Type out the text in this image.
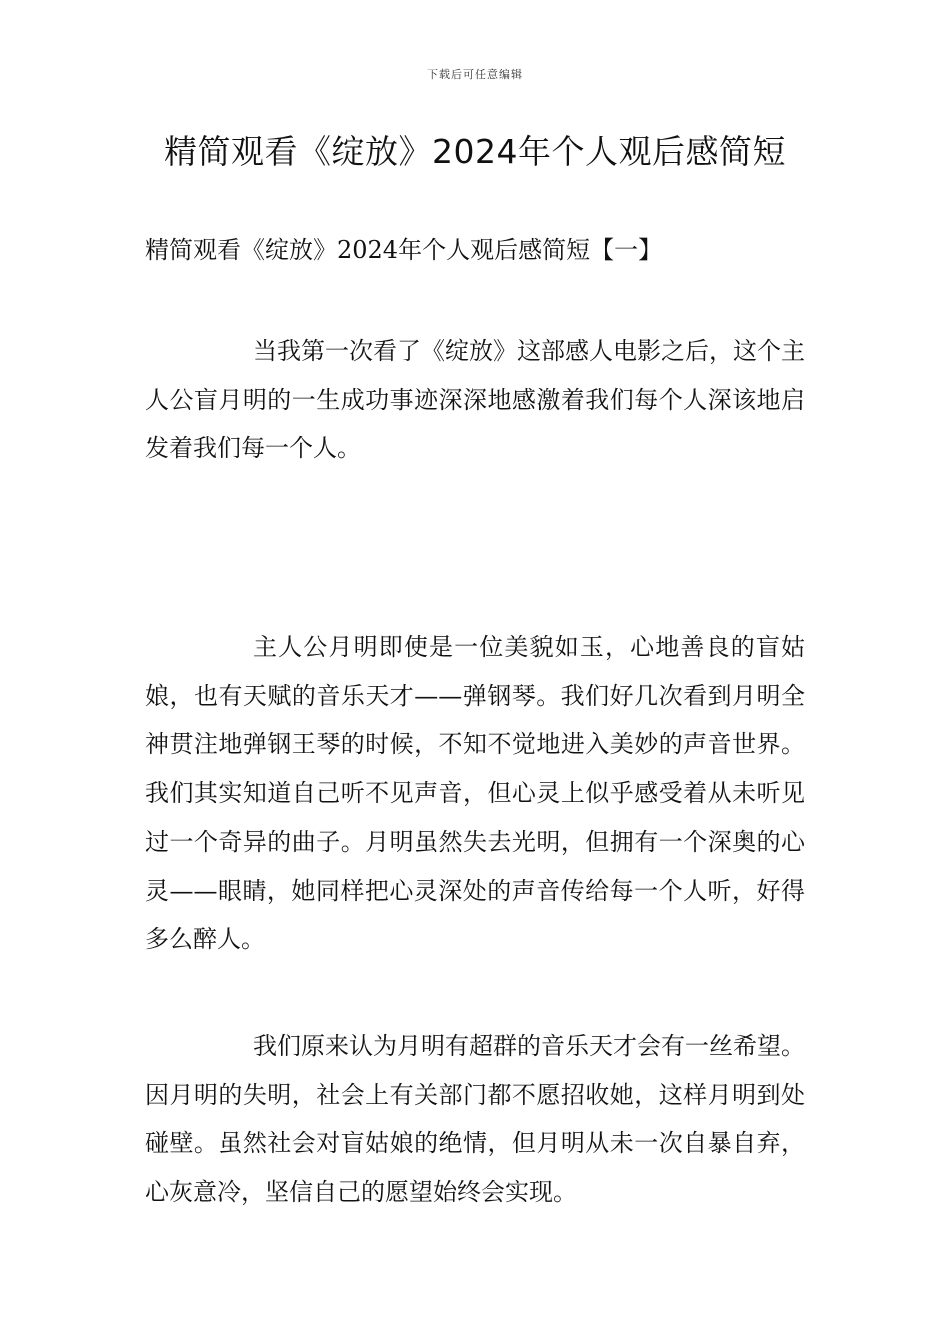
下载后可任意编辑
精简观看《绽放》2024年个人观后感简短
精简观看《绽放》2024年个人观后感简短【一】

当我第一次看了《绽放》这部感人电影之后，这个主人公盲月明的一生成功事迹深深地感激着我们每个人深该地启发着我们每一个人。

主人公月明即使是一位美貌如玉，心地善良的盲姑娘，也有天赋的音乐天才——弹钢琴。我们好几次看到月明全神贯注地弹钢王琴的时候，不知不觉地进入美妙的声音世界。我们其实知道自己听不见声音，但心灵上似乎感受着从未听见过一个奇异的曲子。月明虽然失去光明，但拥有一个深奥的心灵——眼睛，她同样把心灵深处的声音传给每一个人听，好得多么醉人。

我们原来认为月明有超群的音乐天才会有一丝希望。因月明的失明，社会上有关部门都不愿招收她，这样月明到处碰壁。虽然社会对盲姑娘的绝情，但月明从未一次自暴自弃，心灰意冷，坚信自己的愿望始终会实现。
